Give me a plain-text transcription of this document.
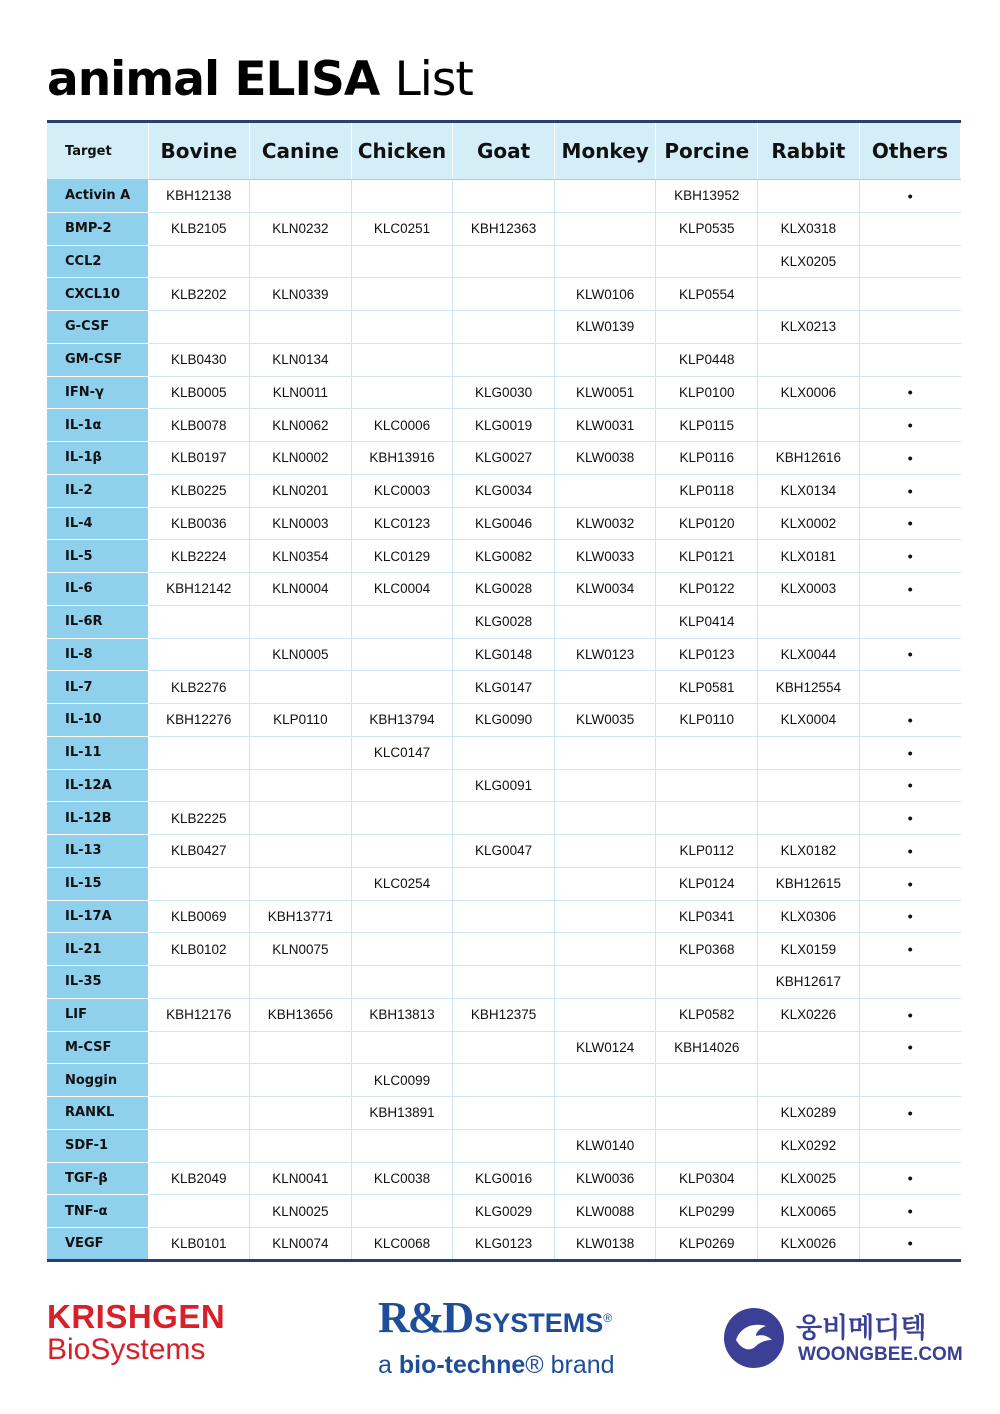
animal ELISA List
Target	Bovine	Canine	Chicken	Goat	Monkey	Porcine	Rabbit	Others
Activin A	KBH12138					KBH13952		•
BMP-2	KLB2105	KLN0232	KLC0251	KBH12363		KLP0535	KLX0318	
CCL2							KLX0205	
CXCL10	KLB2202	KLN0339			KLW0106	KLP0554		
G-CSF					KLW0139		KLX0213	
GM-CSF	KLB0430	KLN0134				KLP0448		
IFN-γ	KLB0005	KLN0011		KLG0030	KLW0051	KLP0100	KLX0006	•
IL-1α	KLB0078	KLN0062	KLC0006	KLG0019	KLW0031	KLP0115		•
IL-1β	KLB0197	KLN0002	KBH13916	KLG0027	KLW0038	KLP0116	KBH12616	•
IL-2	KLB0225	KLN0201	KLC0003	KLG0034		KLP0118	KLX0134	•
IL-4	KLB0036	KLN0003	KLC0123	KLG0046	KLW0032	KLP0120	KLX0002	•
IL-5	KLB2224	KLN0354	KLC0129	KLG0082	KLW0033	KLP0121	KLX0181	•
IL-6	KBH12142	KLN0004	KLC0004	KLG0028	KLW0034	KLP0122	KLX0003	•
IL-6R				KLG0028		KLP0414		
IL-8		KLN0005		KLG0148	KLW0123	KLP0123	KLX0044	•
IL-7	KLB2276			KLG0147		KLP0581	KBH12554	
IL-10	KBH12276	KLP0110	KBH13794	KLG0090	KLW0035	KLP0110	KLX0004	•
IL-11			KLC0147					•
IL-12A				KLG0091				•
IL-12B	KLB2225							•
IL-13	KLB0427			KLG0047		KLP0112	KLX0182	•
IL-15			KLC0254			KLP0124	KBH12615	•
IL-17A	KLB0069	KBH13771				KLP0341	KLX0306	•
IL-21	KLB0102	KLN0075				KLP0368	KLX0159	•
IL-35							KBH12617	
LIF	KBH12176	KBH13656	KBH13813	KBH12375		KLP0582	KLX0226	•
M-CSF					KLW0124	KBH14026		•
Noggin			KLC0099					
RANKL			KBH13891				KLX0289	•
SDF-1					KLW0140		KLX0292	
TGF-β	KLB2049	KLN0041	KLC0038	KLG0016	KLW0036	KLP0304	KLX0025	•
TNF-α		KLN0025		KLG0029	KLW0088	KLP0299	KLX0065	•
VEGF	KLB0101	KLN0074	KLC0068	KLG0123	KLW0138	KLP0269	KLX0026	•
KRISHGEN
BioSystems
R&DSYSTEMS®
a bio-techne® brand
웅비메디텍
WOONGBEE.COM
